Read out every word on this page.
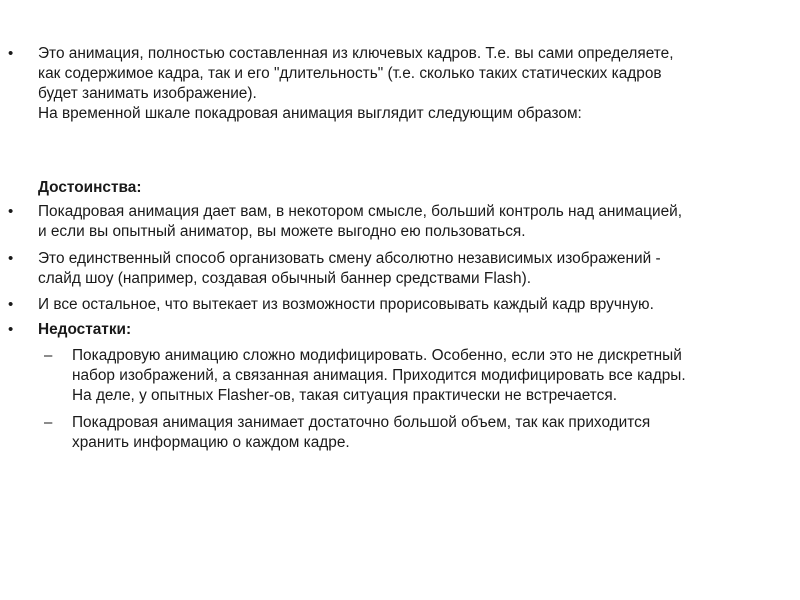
•	Это анимация, полностью составленная из ключевых кадров. Т.е. вы сами определяете,
как содержимое кадра, так и его "длительность" (т.е. сколько таких статических кадров
будет занимать изображение).
На временной шкале покадровая анимация выглядит следующим образом:
Достоинства:
•	Покадровая анимация дает вам, в некотором смысле, больший контроль над анимацией,
и если вы опытный аниматор, вы можете выгодно ею пользоваться.
•	Это единственный способ организовать смену абсолютно независимых изображений -
слайд шоу (например, создавая обычный баннер средствами Flash).
•	И все остальное, что вытекает из возможности прорисовывать каждый кадр вручную.
•	Недостатки:
– Покадровую анимацию сложно модифицировать. Особенно, если это не дискретный
набор изображений, а связанная анимация. Приходится модифицировать все кадры.
На деле, у опытных Flasher-ов, такая ситуация практически не встречается.
– Покадровая анимация занимает достаточно большой объем, так как приходится
хранить информацию о каждом кадре.
